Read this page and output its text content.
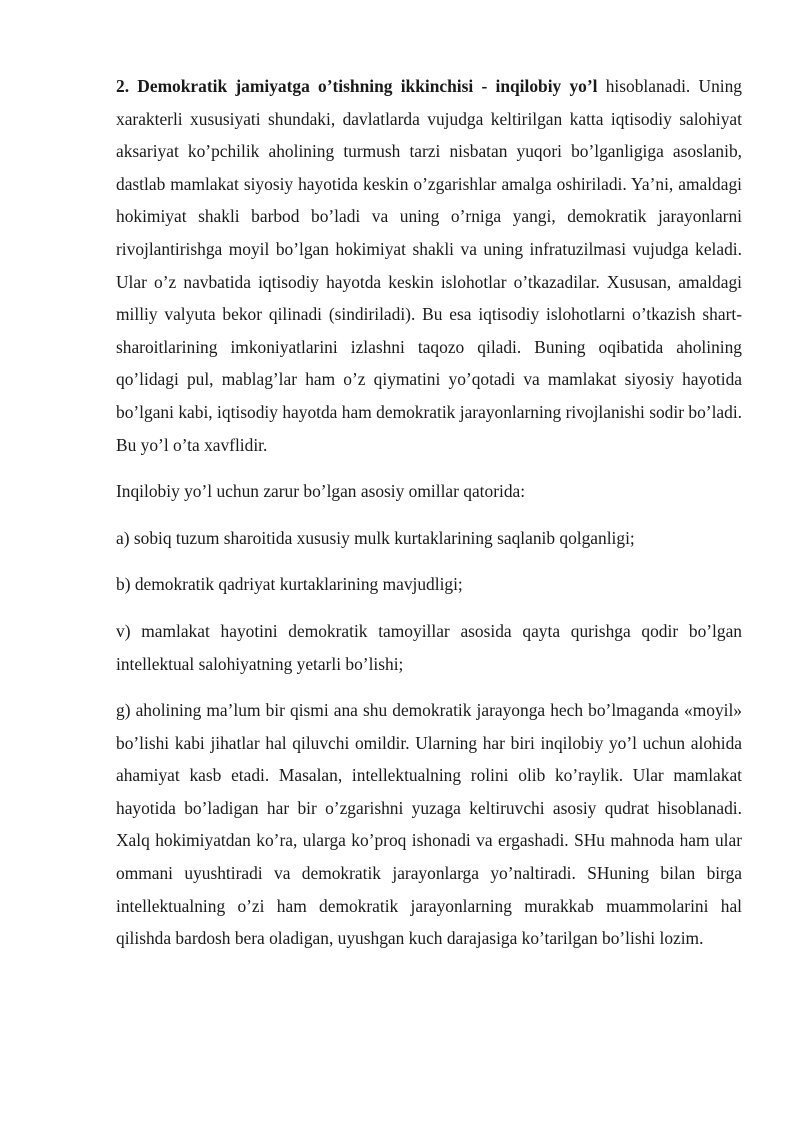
2. Demokratik jamiyatga o’tishning ikkinchisi - inqilobiy yo’l hisoblanadi. Uning xarakterli xususiyati shundaki, davlatlarda vujudga keltirilgan katta iqtisodiy salohiyat aksariyat ko’pchilik aholining turmush tarzi nisbatan yuqori bo’lganligiga asoslanib, dastlab mamlakat siyosiy hayotida keskin o’zgarishlar amalga oshiriladi. Ya’ni, amaldagi hokimiyat shakli barbod bo’ladi va uning o’rniga yangi, demokratik jarayonlarni rivojlantirishga moyil bo’lgan hokimiyat shakli va uning infratuzilmasi vujudga keladi. Ular o’z navbatida iqtisodiy hayotda keskin islohotlar o’tkazadilar. Xususan, amaldagi milliy valyuta bekor qilinadi (sindiriladi). Bu esa iqtisodiy islohotlarni o’tkazish shart-sharoitlarining imkoniyatlarini izlashni taqozo qiladi. Buning oqibatida aholining qo’lidagi pul, mablag’lar ham o’z qiymatini yo’qotadi va mamlakat siyosiy hayotida bo’lgani kabi, iqtisodiy hayotda ham demokratik jarayonlarning rivojlanishi sodir bo’ladi. Bu yo’l o’ta xavflidir.

Inqilobiy yo’l uchun zarur bo’lgan asosiy omillar qatorida:

a) sobiq tuzum sharoitida xususiy mulk kurtaklarining saqlanib qolganligi;

b) demokratik qadriyat kurtaklarining mavjudligi;

v) mamlakat hayotini demokratik tamoyillar asosida qayta qurishga qodir bo’lgan intellektual salohiyatning yetarli bo’lishi;

g) aholining ma’lum bir qismi ana shu demokratik jarayonga hech bo’lmaganda «moyil» bo’lishi kabi jihatlar hal qiluvchi omildir. Ularning har biri inqilobiy yo’l uchun alohida ahamiyat kasb etadi. Masalan, intellektualning rolini olib ko’raylik. Ular mamlakat hayotida bo’ladigan har bir o’zgarishni yuzaga keltiruvchi asosiy qudrat hisoblanadi. Xalq hokimiyatdan ko’ra, ularga ko’proq ishonadi va ergashadi. SHu mahnoda ham ular ommani uyushtiradi va demokratik jarayonlarga yo’naltiradi. SHuning bilan birga intellektualning o’zi ham demokratik jarayonlarning murakkab muammolarini hal qilishda bardosh bera oladigan, uyushgan kuch darajasiga ko’tarilgan bo’lishi lozim.
